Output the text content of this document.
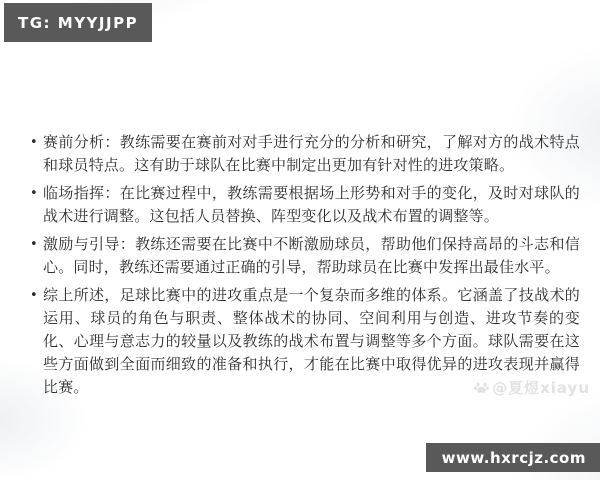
TG: MYYJJPP
• 赛前分析：教练需要在赛前对对手进行充分的分析和研究，了解对方的战术特点和球员特点。这有助于球队在比赛中制定出更加有针对性的进攻策略。
• 临场指挥：在比赛过程中，教练需要根据场上形势和对手的变化，及时对球队的战术进行调整。这包括人员替换、阵型变化以及战术布置的调整等。
• 激励与引导：教练还需要在比赛中不断激励球员，帮助他们保持高昂的斗志和信心。同时，教练还需要通过正确的引导，帮助球员在比赛中发挥出最佳水平。
• 综上所述，足球比赛中的进攻重点是一个复杂而多维的体系。它涵盖了技战术的运用、球员的角色与职责、整体战术的协同、空间利用与创造、进攻节奏的变化、心理与意志力的较量以及教练的战术布置与调整等多个方面。球队需要在这些方面做到全面而细致的准备和执行，才能在比赛中取得优异的进攻表现并赢得比赛。	@夏煜xiayu
www.hxrcjz.com
